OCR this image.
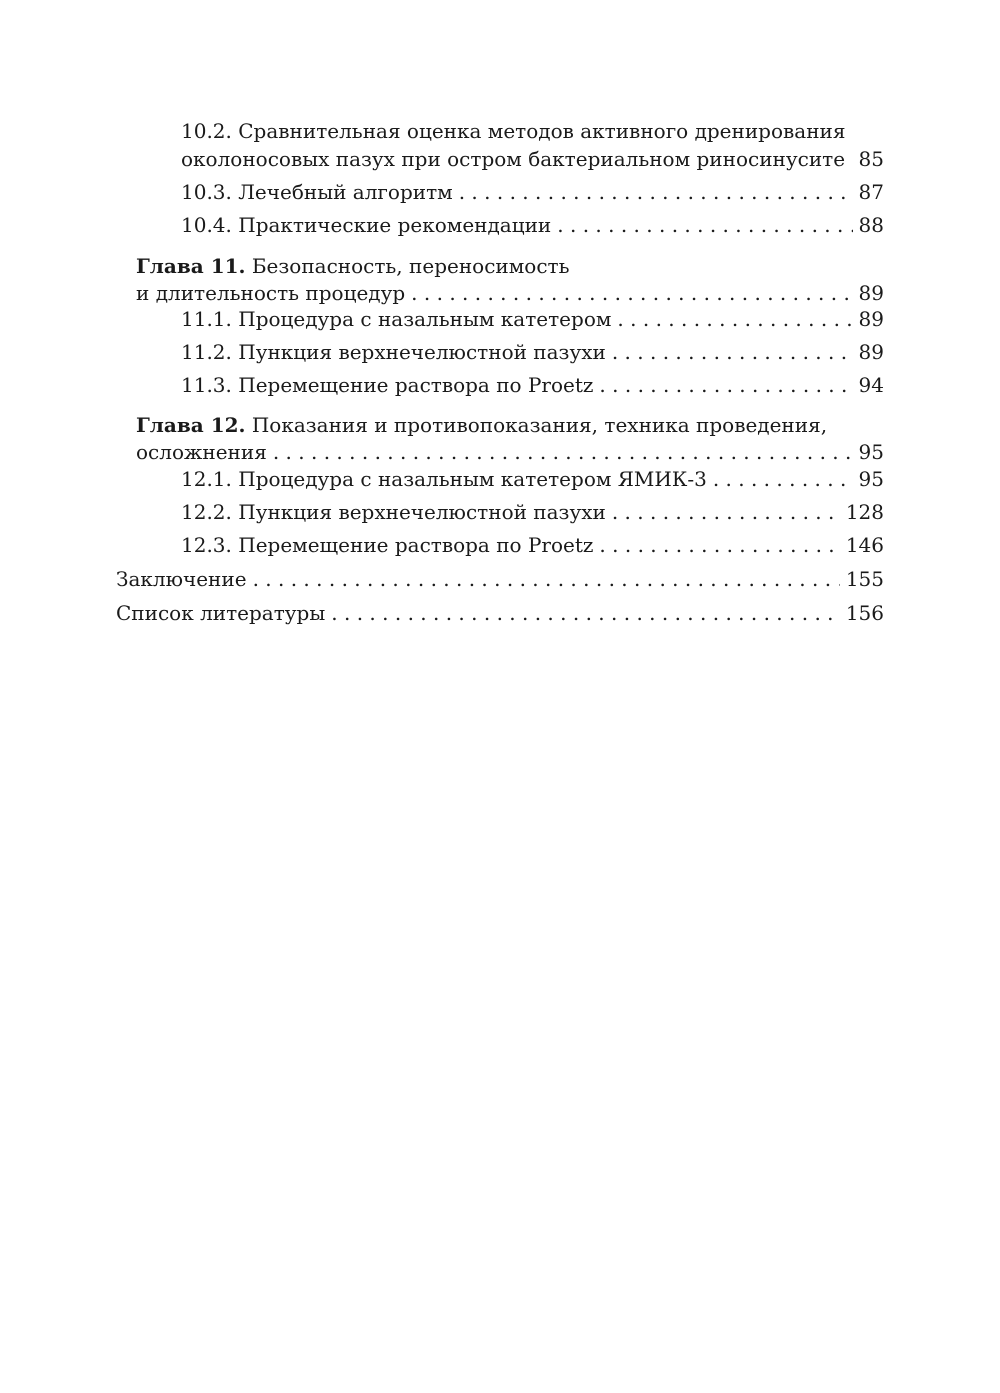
10.2. Сравнительная оценка методов активного дренирования
околоносовых пазух при остром бактериальном риносинусите . . . 85
10.3. Лечебный алгоритм . . .	87
10.4. Практические рекомендации . . .	88
Глава 11. Безопасность, переносимость
и длительность процедур . . .	89
11.1. Процедура с назальным катетером . . .	89
11.2. Пункция верхнечелюстной пазухи . . .	89
11.3. Перемещение раствора по Proetz . . .	94
Глава 12. Показания и противопоказания, техника проведения,
осложнения . . .	95
12.1. Процедура с назальным катетером ЯМИК-3 . . .	95
12.2. Пункция верхнечелюстной пазухи . . .	128
12.3. Перемещение раствора по Proetz . . .	146
Заключение . . .	155
Список литературы . . .	156
